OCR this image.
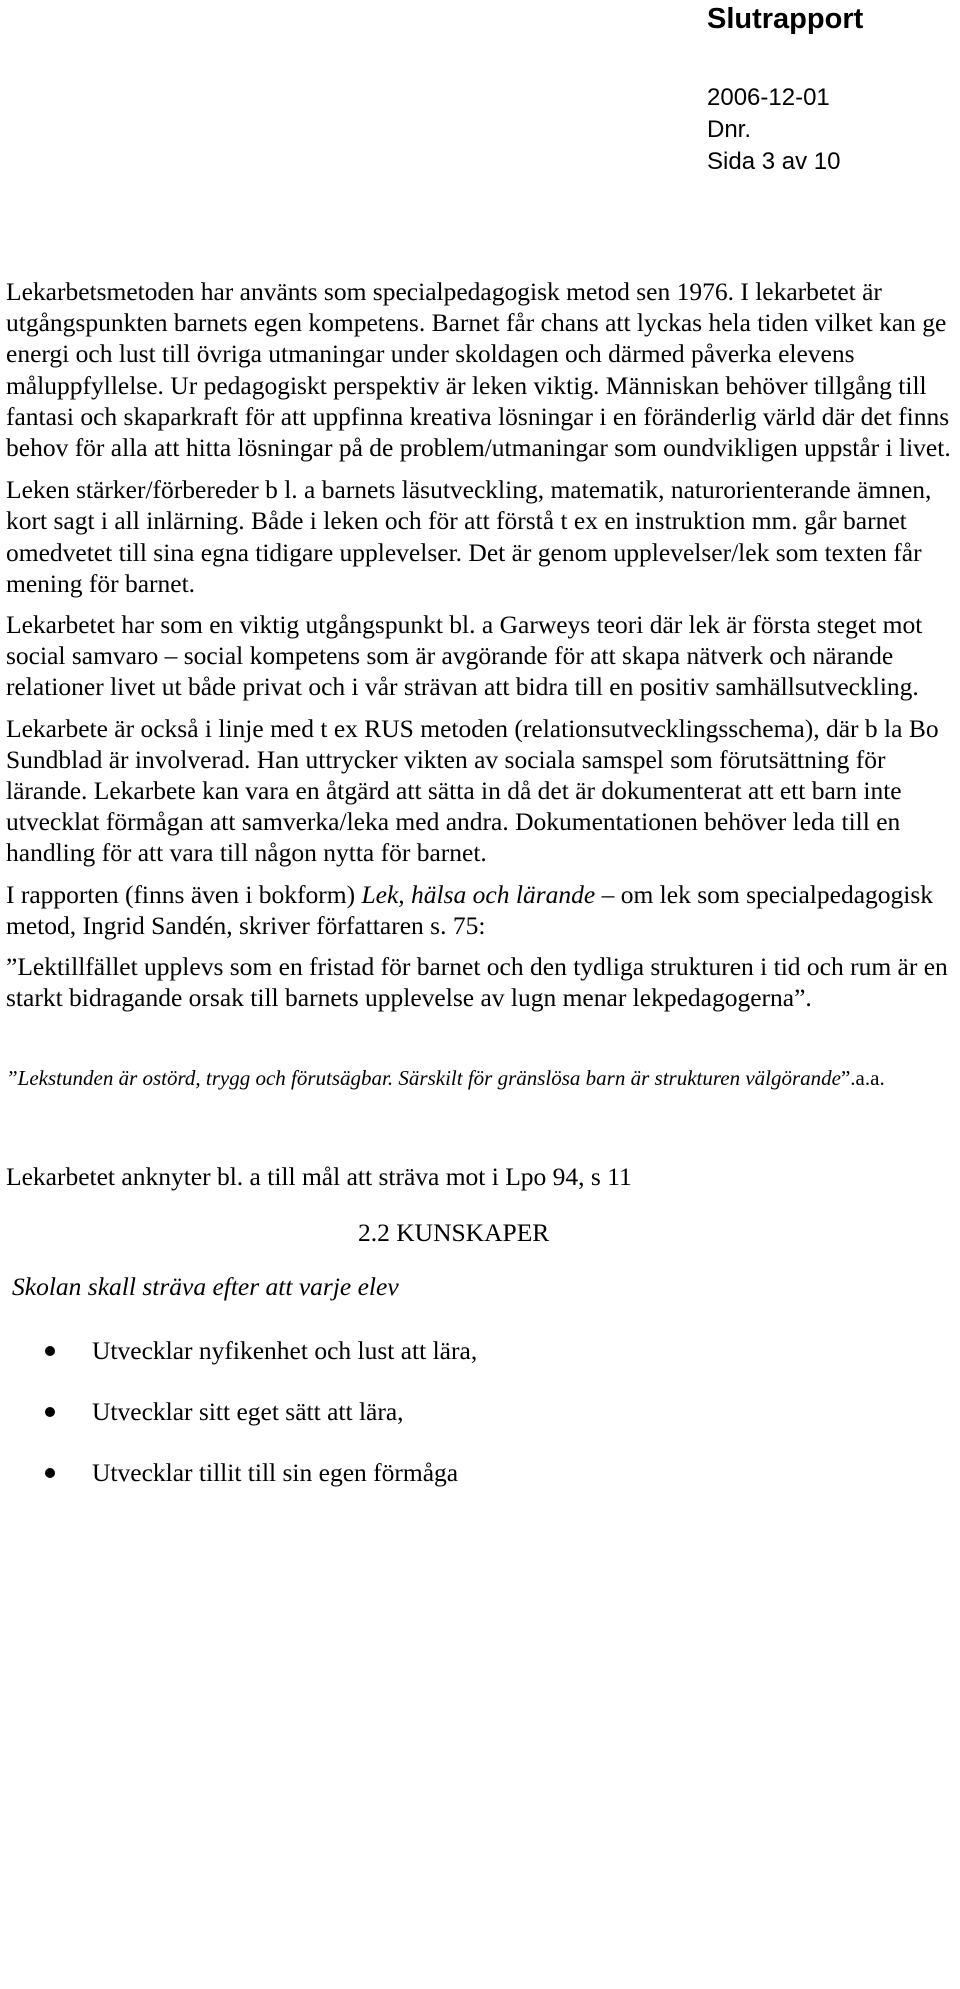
Slutrapport
2006-12-01
Dnr.
Sida 3 av 10

Lekarbetsmetoden har använts som specialpedagogisk metod sen 1976. I lekarbetet är utgångspunkten barnets egen kompetens. Barnet får chans att lyckas hela tiden vilket kan ge energi och lust till övriga utmaningar under skoldagen och därmed påverka elevens måluppfyllelse. Ur pedagogiskt perspektiv är leken viktig. Människan behöver tillgång till fantasi och skaparkraft för att uppfinna kreativa lösningar i en föränderlig värld där det finns behov för alla att hitta lösningar på de problem/utmaningar som oundvikligen uppstår i livet.

Leken stärker/förbereder b l. a barnets läsutveckling, matematik, naturorienterande ämnen, kort sagt i all inlärning. Både i leken och för att förstå t ex en instruktion mm. går barnet omedvetet till sina egna tidigare upplevelser. Det är genom upplevelser/lek som texten får mening för barnet.

Lekarbetet har som en viktig utgångspunkt bl. a Garweys teori där lek är första steget mot social samvaro – social kompetens som är avgörande för att skapa nätverk och närande relationer livet ut både privat och i vår strävan att bidra till en positiv samhällsutveckling.

Lekarbete är också i linje med t ex RUS metoden (relationsutvecklingsschema), där b la Bo Sundblad är involverad. Han uttrycker vikten av sociala samspel som förutsättning för lärande. Lekarbete kan vara en åtgärd att sätta in då det är dokumenterat att ett barn inte utvecklat förmågan att samverka/leka med andra. Dokumentationen behöver leda till en handling för att vara till någon nytta för barnet.

I rapporten (finns även i bokform) Lek, hälsa och lärande – om lek som specialpedagogisk metod, Ingrid Sandén, skriver författaren s. 75:

”Lektillfället upplevs som en fristad för barnet och den tydliga strukturen i tid och rum är en starkt bidragande orsak till barnets upplevelse av lugn menar lekpedagogerna”.

”Lekstunden är ostörd, trygg och förutsägbar. Särskilt för gränslösa barn är strukturen välgörande”.a.a.

Lekarbetet anknyter bl. a till mål att sträva mot i Lpo 94, s 11

2.2 KUNSKAPER

Skolan skall sträva efter att varje elev

Utvecklar nyfikenhet och lust att lära,
Utvecklar sitt eget sätt att lära,
Utvecklar tillit till sin egen förmåga
